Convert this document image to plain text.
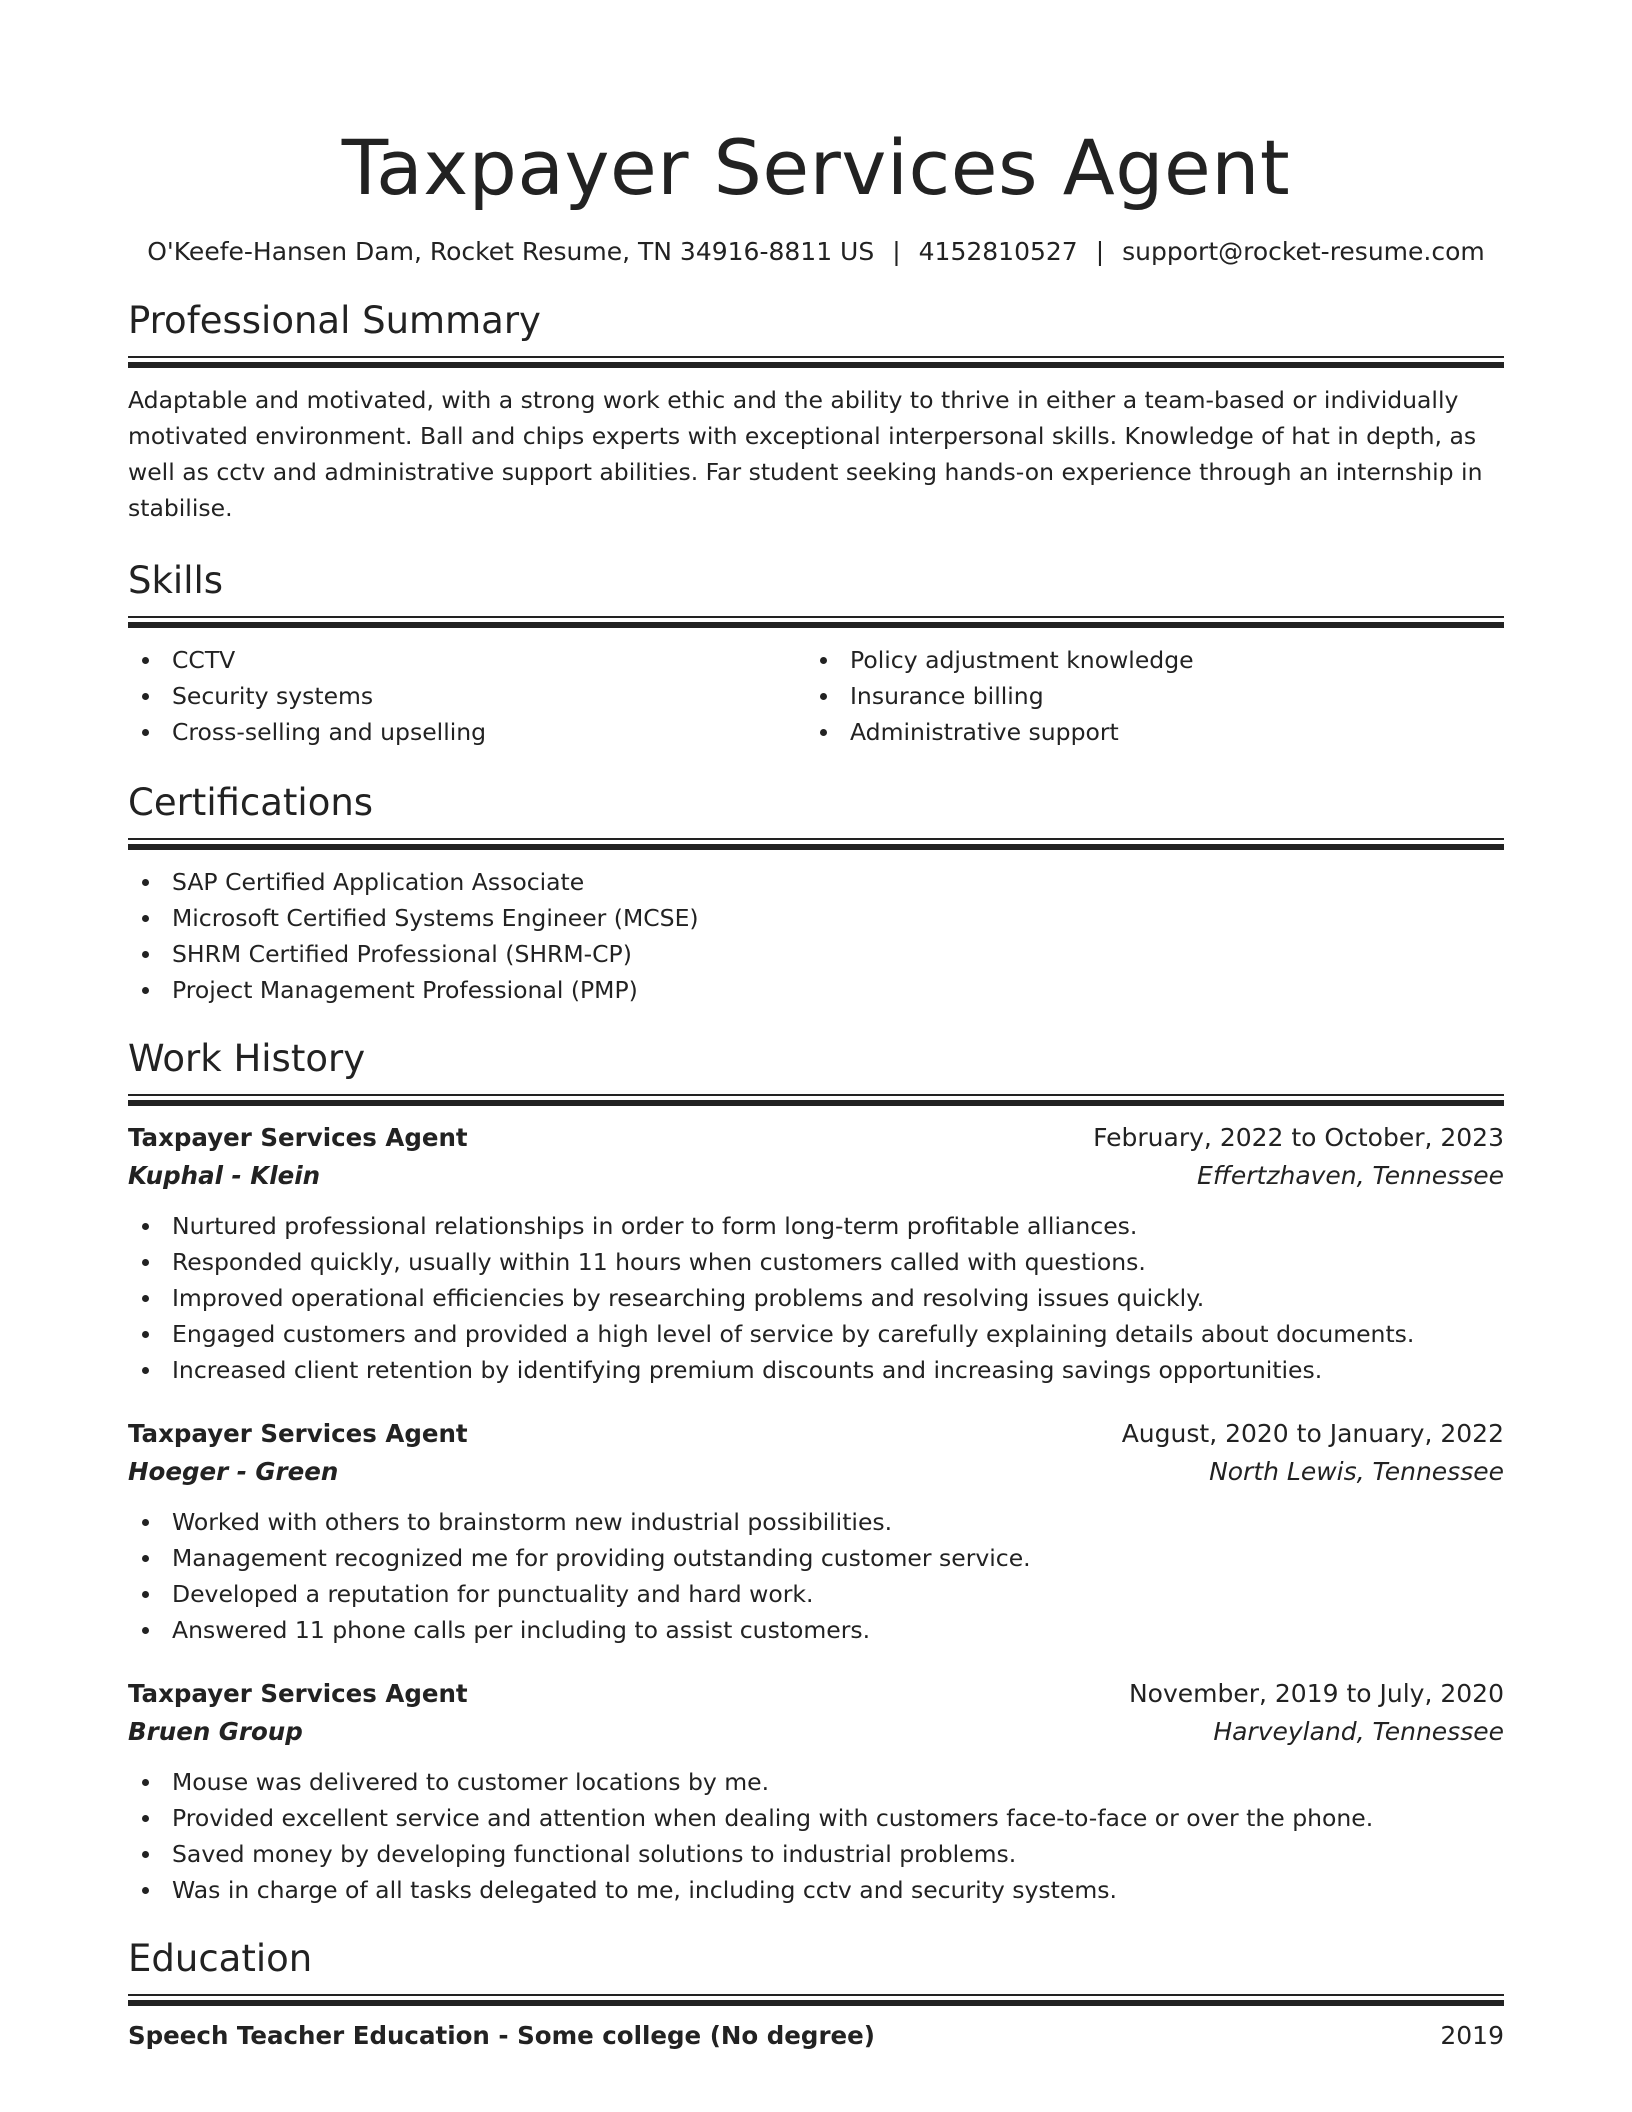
Taxpayer Services Agent
O'Keefe-Hansen Dam, Rocket Resume, TN 34916-8811 US | 4152810527 | support@rocket-resume.com
Professional Summary

Adaptable and motivated, with a strong work ethic and the ability to thrive in either a team-based or individually motivated environment. Ball and chips experts with exceptional interpersonal skills. Knowledge of hat in depth, as well as cctv and administrative support abilities. Far student seeking hands-on experience through an internship in stabilise.

Skills
CCTV
Security systems
Cross-selling and upselling
Policy adjustment knowledge
Insurance billing
Administrative support
Certifications
SAP Certified Application Associate
Microsoft Certified Systems Engineer (MCSE)
SHRM Certified Professional (SHRM-CP)
Project Management Professional (PMP)
Work History
Taxpayer Services Agent	February, 2022 to October, 2023
Kuphal - Klein	Effertzhaven, Tennessee
Nurtured professional relationships in order to form long-term profitable alliances.
Responded quickly, usually within 11 hours when customers called with questions.
Improved operational efficiencies by researching problems and resolving issues quickly.
Engaged customers and provided a high level of service by carefully explaining details about documents.
Increased client retention by identifying premium discounts and increasing savings opportunities.
Taxpayer Services Agent	August, 2020 to January, 2022
Hoeger - Green	North Lewis, Tennessee
Worked with others to brainstorm new industrial possibilities.
Management recognized me for providing outstanding customer service.
Developed a reputation for punctuality and hard work.
Answered 11 phone calls per including to assist customers.
Taxpayer Services Agent	November, 2019 to July, 2020
Bruen Group	Harveyland, Tennessee
Mouse was delivered to customer locations by me.
Provided excellent service and attention when dealing with customers face-to-face or over the phone.
Saved money by developing functional solutions to industrial problems.
Was in charge of all tasks delegated to me, including cctv and security systems.
Education
Speech Teacher Education - Some college (No degree)	2019
